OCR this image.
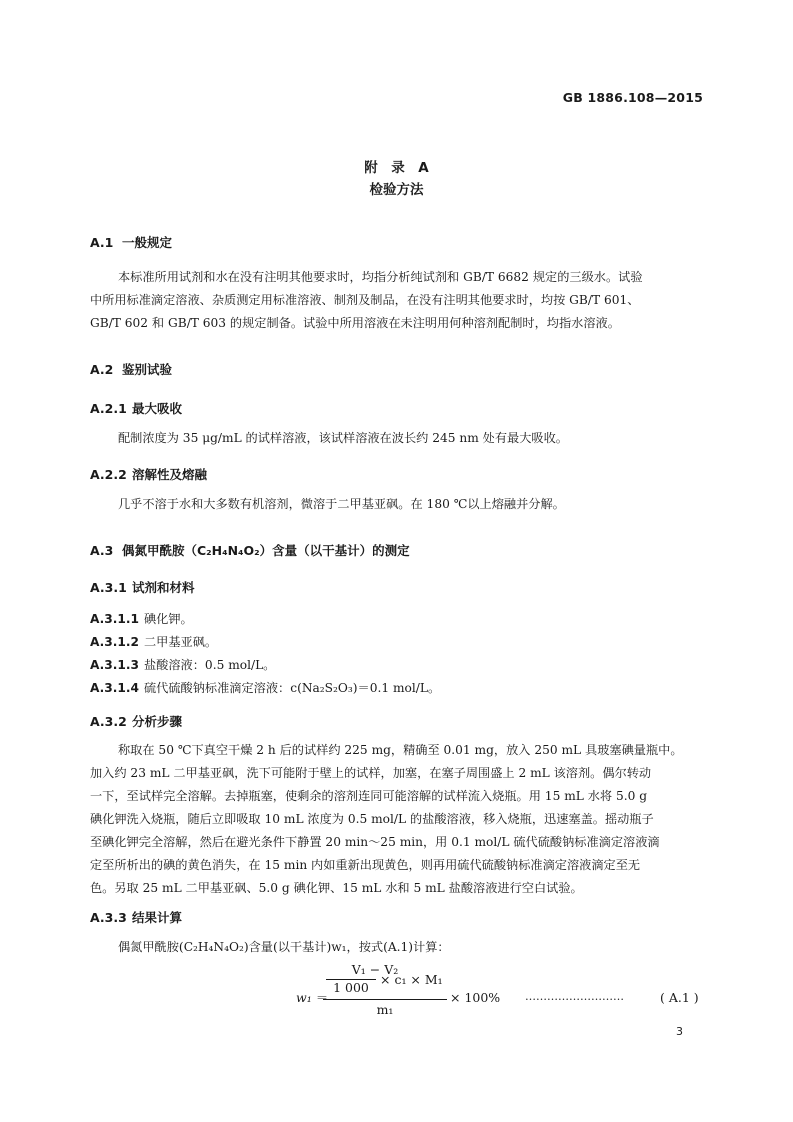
GB 1886.108—2015
附　录　A
检验方法
A.1 一般规定
本标准所用试剂和水在没有注明其他要求时，均指分析纯试剂和 GB/T 6682 规定的三级水。试验
中所用标准滴定溶液、杂质测定用标准溶液、制剂及制品，在没有注明其他要求时，均按 GB/T 601、
GB/T 602 和 GB/T 603 的规定制备。试验中所用溶液在未注明用何种溶剂配制时，均指水溶液。
A.2 鉴别试验
A.2.1 最大吸收
配制浓度为 35 μg/mL 的试样溶液，该试样溶液在波长约 245 nm 处有最大吸收。
A.2.2 溶解性及熔融
几乎不溶于水和大多数有机溶剂，微溶于二甲基亚砜。在 180 ℃以上熔融并分解。
A.3 偶氮甲酰胺（C₂H₄N₄O₂）含量（以干基计）的测定
A.3.1 试剂和材料
A.3.1.1 碘化钾。
A.3.1.2 二甲基亚砜。
A.3.1.3 盐酸溶液：0.5 mol/L。
A.3.1.4 硫代硫酸钠标准滴定溶液：c(Na₂S₂O₃)＝0.1 mol/L。
A.3.2 分析步骤
称取在 50 ℃下真空干燥 2 h 后的试样约 225 mg，精确至 0.01 mg，放入 250 mL 具玻塞碘量瓶中。
加入约 23 mL 二甲基亚砜，洗下可能附于壁上的试样，加塞，在塞子周围盛上 2 mL 该溶剂。偶尔转动
一下，至试样完全溶解。去掉瓶塞，使剩余的溶剂连同可能溶解的试样流入烧瓶。用 15 mL 水将 5.0 g
碘化钾洗入烧瓶，随后立即吸取 10 mL 浓度为 0.5 mol/L 的盐酸溶液，移入烧瓶，迅速塞盖。摇动瓶子
至碘化钾完全溶解，然后在避光条件下静置 20 min～25 min，用 0.1 mol/L 硫代硫酸钠标准滴定溶液滴
定至所析出的碘的黄色消失，在 15 min 内如重新出现黄色，则再用硫代硫酸钠标准滴定溶液滴定至无
色。另取 25 mL 二甲基亚砜、5.0 g 碘化钾、15 mL 水和 5 mL 盐酸溶液进行空白试验。
A.3.3 结果计算
偶氮甲酰胺(C₂H₄N₄O₂)含量(以干基计)w₁，按式(A.1)计算：
w₁ ＝
V₁ − V₂
1 000
× c₁ × M₁
m₁
× 100% ………………………	( A.1 )
3
